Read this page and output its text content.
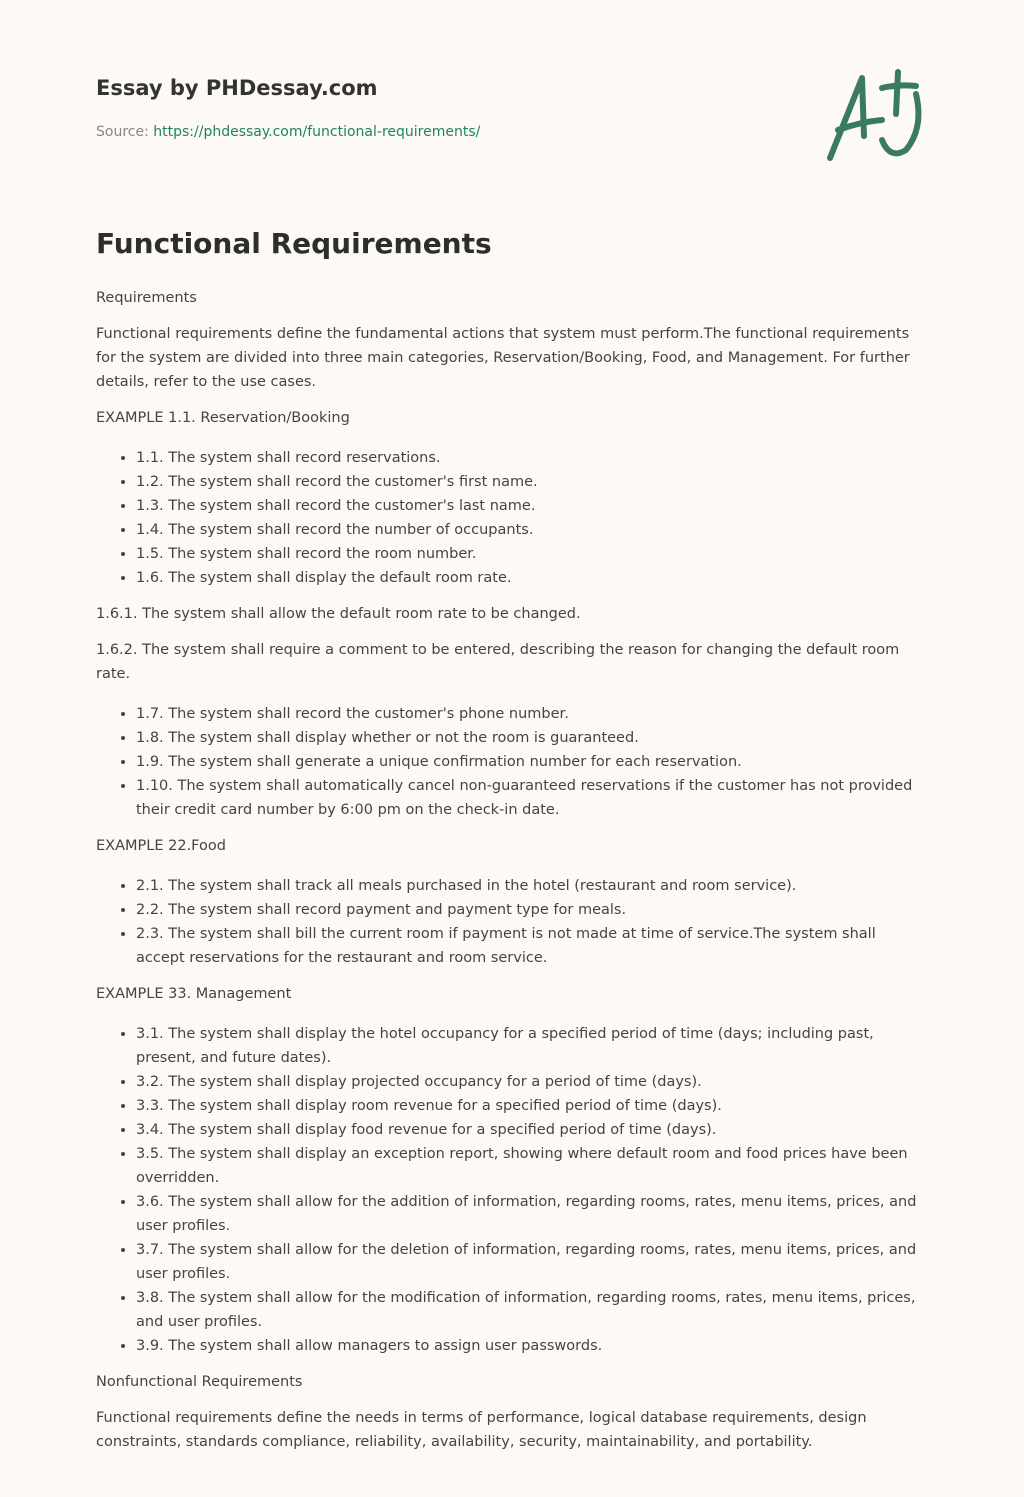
Essay by PHDessay.com
Source: https://phdessay.com/functional-requirements/
Functional Requirements

Requirements

Functional requirements define the fundamental actions that system must perform.The functional requirements for the system are divided into three main categories, Reservation/Booking, Food, and Management. For further details, refer to the use cases.

EXAMPLE 1.1. Reservation/Booking

• 1.1. The system shall record reservations.
• 1.2. The system shall record the customer's first name.
• 1.3. The system shall record the customer's last name.
• 1.4. The system shall record the number of occupants.
• 1.5. The system shall record the room number.
• 1.6. The system shall display the default room rate.

1.6.1. The system shall allow the default room rate to be changed.

1.6.2. The system shall require a comment to be entered, describing the reason for changing the default room rate.

• 1.7. The system shall record the customer's phone number.
• 1.8. The system shall display whether or not the room is guaranteed.
• 1.9. The system shall generate a unique confirmation number for each reservation.
• 1.10. The system shall automatically cancel non-guaranteed reservations if the customer has not provided their credit card number by 6:00 pm on the check-in date.

EXAMPLE 22.Food

• 2.1. The system shall track all meals purchased in the hotel (restaurant and room service).
• 2.2. The system shall record payment and payment type for meals.
• 2.3. The system shall bill the current room if payment is not made at time of service.The system shall accept reservations for the restaurant and room service.

EXAMPLE 33. Management

• 3.1. The system shall display the hotel occupancy for a specified period of time (days; including past, present, and future dates).
• 3.2. The system shall display projected occupancy for a period of time (days).
• 3.3. The system shall display room revenue for a specified period of time (days).
• 3.4. The system shall display food revenue for a specified period of time (days).
• 3.5. The system shall display an exception report, showing where default room and food prices have been overridden.
• 3.6. The system shall allow for the addition of information, regarding rooms, rates, menu items, prices, and user profiles.
• 3.7. The system shall allow for the deletion of information, regarding rooms, rates, menu items, prices, and user profiles.
• 3.8. The system shall allow for the modification of information, regarding rooms, rates, menu items, prices, and user profiles.
• 3.9. The system shall allow managers to assign user passwords.

Nonfunctional Requirements

Functional requirements define the needs in terms of performance, logical database requirements, design constraints, standards compliance, reliability, availability, security, maintainability, and portability.
